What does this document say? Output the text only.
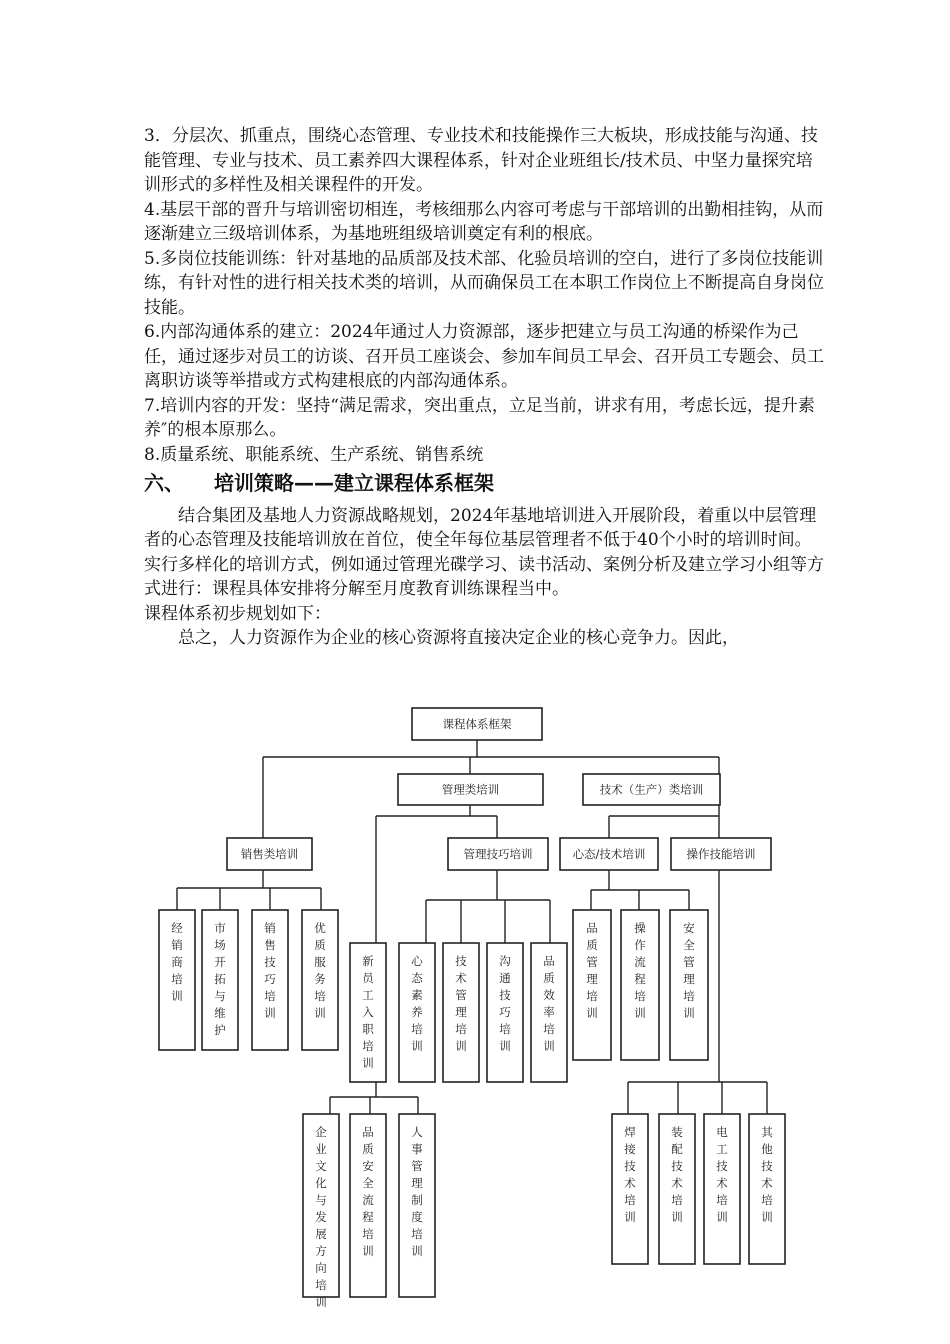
3．分层次、抓重点，围绕心态管理、专业技术和技能操作三大板块，形成技能与沟通、技能管理、专业与技术、员工素养四大课程体系，针对企业班组长/技术员、中坚力量探究培训形式的多样性及相关课程件的开发。

4.基层干部的晋升与培训密切相连，考核细那么内容可考虑与干部培训的出勤相挂钩，从而逐渐建立三级培训体系，为基地班组级培训奠定有利的根底。

5.多岗位技能训练：针对基地的品质部及技术部、化验员培训的空白，进行了多岗位技能训练，有针对性的进行相关技术类的培训，从而确保员工在本职工作岗位上不断提高自身岗位技能。

6.内部沟通体系的建立：2024年通过人力资源部，逐步把建立与员工沟通的桥梁作为己任，通过逐步对员工的访谈、召开员工座谈会、参加车间员工早会、召开员工专题会、员工离职访谈等举措或方式构建根底的内部沟通体系。

7.培训内容的开发：坚持“满足需求，突出重点，立足当前，讲求有用，考虑长远，提升素养″的根本原那么。

8.质量系统、职能系统、生产系统、销售系统

六、 培训策略——建立课程体系框架

结合集团及基地人力资源战略规划，2024年基地培训进入开展阶段，着重以中层管理者的心态管理及技能培训放在首位，使全年每位基层管理者不低于40个小时的培训时间。实行多样化的培训方式，例如通过管理光碟学习、读书活动、案例分析及建立学习小组等方式进行：课程具体安排将分解至月度教育训练课程当中。

课程体系初步规划如下：

总之，人力资源作为企业的核心资源将直接决定企业的核心竞争力。因此，

课程体系框架
管理类培训	技术（生产）类培训
销售类培训	管理技巧培训	心态/技术培训	操作技能培训
经销商培训
市场开拓与维护
销售技巧培训
优质服务培训
新员工入职培训
心态素养培训
技术管理培训
沟通技巧培训
品质效率培训
品质管理培训
操作流程培训
安全管理培训
企业文化与发展方向培训
品质安全流程培训
人事管理制度培训
焊接技术培训
装配技术培训
电工技术培训
其他技术培训
